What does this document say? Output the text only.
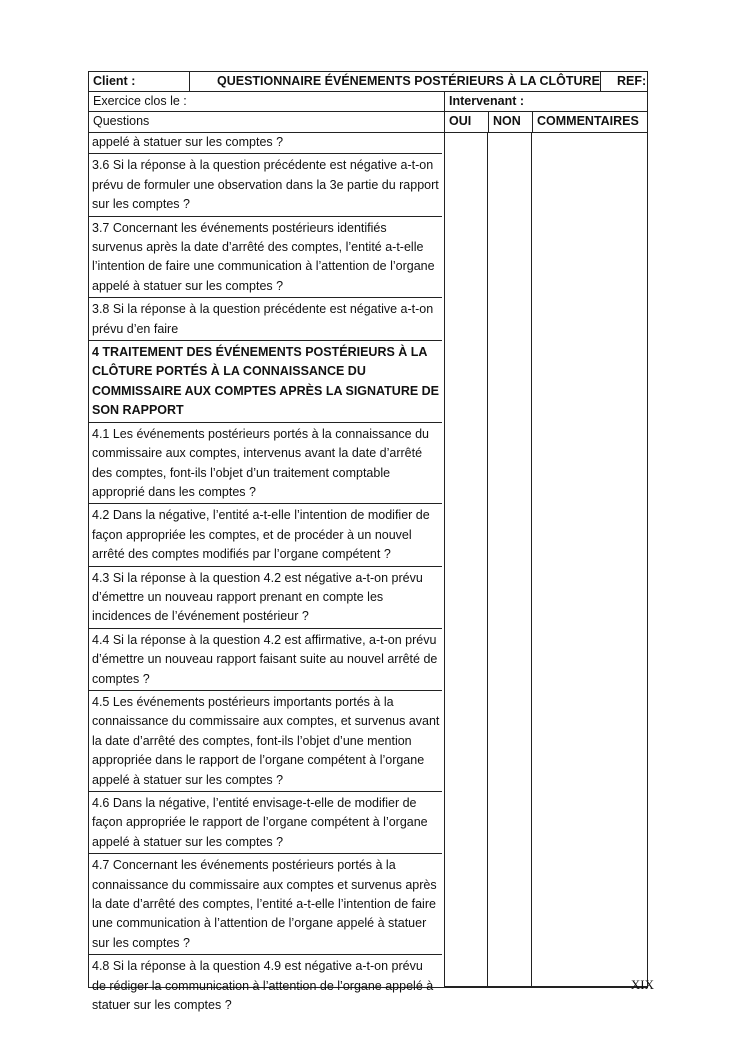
Client :	QUESTIONNAIRE ÉVÉNEMENTS POSTÉRIEURS À LA CLÔTURE	REF:
Exercice clos le :	Intervenant :
Questions	OUI	NON	COMMENTAIRES
appelé à statuer sur les comptes ?
3.6 Si la réponse à la question précédente est négative a-t-on prévu de formuler une observation dans la 3e partie du rapport sur les comptes ?
3.7 Concernant les événements postérieurs identifiés survenus après la date d’arrêté des comptes, l’entité a-t-elle l’intention de faire une communication à l’attention de l’organe appelé à statuer sur les comptes ?
3.8 Si la réponse à la question précédente est négative a-t-on prévu d’en faire
4 TRAITEMENT DES ÉVÉNEMENTS POSTÉRIEURS À LA CLÔTURE PORTÉS À LA CONNAISSANCE DU COMMISSAIRE AUX COMPTES APRÈS LA SIGNATURE DE SON RAPPORT
4.1 Les événements postérieurs portés à la connaissance du commissaire aux comptes, intervenus avant la date d’arrêté des comptes, font-ils l’objet d’un traitement comptable approprié dans les comptes ?
4.2 Dans la négative, l’entité a-t-elle l’intention de modifier de façon appropriée les comptes, et de procéder à un nouvel arrêté des comptes modifiés par l’organe compétent ?
4.3 Si la réponse à la question 4.2 est négative a-t-on prévu d’émettre un nouveau rapport prenant en compte les incidences de l’événement postérieur ?
4.4 Si la réponse à la question 4.2 est affirmative, a-t-on prévu d’émettre un nouveau rapport faisant suite au nouvel arrêté de comptes ?
4.5 Les événements postérieurs importants portés à la connaissance du commissaire aux comptes, et survenus avant la date d’arrêté des comptes, font-ils l’objet d’une mention appropriée dans le rapport de l’organe compétent à l’organe appelé à statuer sur les comptes ?
4.6 Dans la négative, l’entité envisage-t-elle de modifier de façon appropriée le rapport de l’organe compétent à l’organe appelé à statuer sur les comptes ?
4.7 Concernant les événements postérieurs portés à la connaissance du commissaire aux comptes et survenus après la date d’arrêté des comptes, l’entité a-t-elle l’intention de faire une communication à l’attention de l’organe appelé à statuer sur les comptes ?
4.8 Si la réponse à la question 4.9 est négative a-t-on prévu de rédiger la communication à l’attention de l’organe appelé à statuer sur les comptes ?
XIX
